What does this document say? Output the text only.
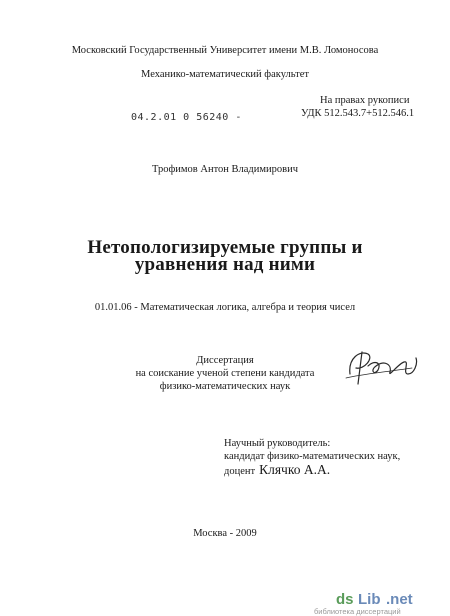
Московский Государственный Университет имени М.В. Ломоносова
Механико-математический факультет
На правах рукописи
УДК 512.543.7+512.546.1
04.2.01 0 56240 -
Трофимов Антон Владимирович
Нетопологизируемые группы и
уравнения над ними
01.01.06 - Математическая логика, алгебра и теория чисел
Диссертация
на соискание ученой степени кандидата
физико-математических наук
Научный руководитель:
кандидат физико-математических наук,
доцент Клячко А.А.
Москва - 2009
ds Lib .net
библиотека диссертаций
